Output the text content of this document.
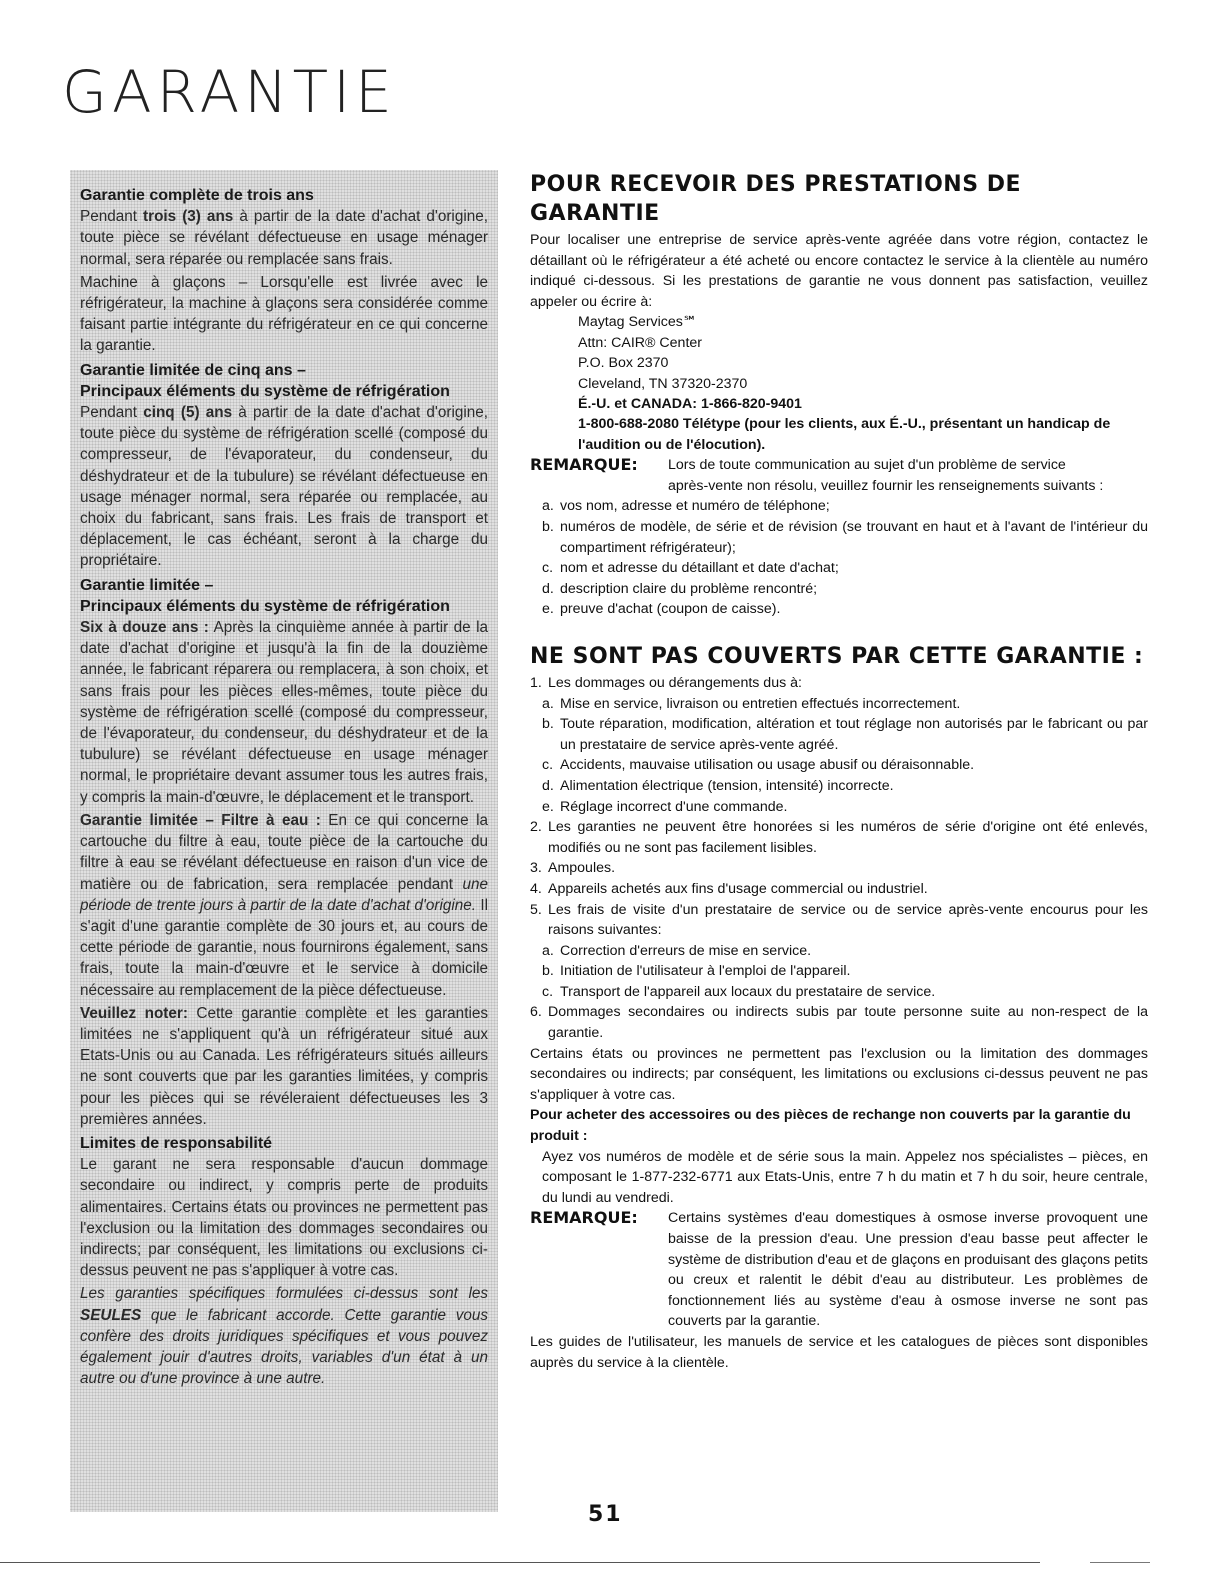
GARANTIE

Garantie complète de trois ans
Pendant trois (3) ans à partir de la date d'achat d'origine, toute pièce se révélant défectueuse en usage ménager normal, sera réparée ou remplacée sans frais.

Machine à glaçons – Lorsqu'elle est livrée avec le réfrigérateur, la machine à glaçons sera considérée comme faisant partie intégrante du réfrigérateur en ce qui concerne la garantie.

Garantie limitée de cinq ans –
Principaux éléments du système de réfrigération
Pendant cinq (5) ans à partir de la date d'achat d'origine, toute pièce du système de réfrigération scellé (composé du compresseur, de l'évaporateur, du condenseur, du déshydrateur et de la tubulure) se révélant défectueuse en usage ménager normal, sera réparée ou remplacée, au choix du fabricant, sans frais. Les frais de transport et déplacement, le cas échéant, seront à la charge du propriétaire.

Garantie limitée –
Principaux éléments du système de réfrigération
Six à douze ans : Après la cinquième année à partir de la date d'achat d'origine et jusqu'à la fin de la douzième année, le fabricant réparera ou remplacera, à son choix, et sans frais pour les pièces elles-mêmes, toute pièce du système de réfrigération scellé (composé du compresseur, de l'évaporateur, du condenseur, du déshydrateur et de la tubulure) se révélant défectueuse en usage ménager normal, le propriétaire devant assumer tous les autres frais, y compris la main-d'œuvre, le déplacement et le transport.

Garantie limitée – Filtre à eau : En ce qui concerne la cartouche du filtre à eau, toute pièce de la cartouche du filtre à eau se révélant défectueuse en raison d'un vice de matière ou de fabrication, sera remplacée pendant une période de trente jours à partir de la date d'achat d'origine. Il s'agit d'une garantie complète de 30 jours et, au cours de cette période de garantie, nous fournirons également, sans frais, toute la main-d'œuvre et le service à domicile nécessaire au remplacement de la pièce défectueuse.

Veuillez noter: Cette garantie complète et les garanties limitées ne s'appliquent qu'à un réfrigérateur situé aux Etats-Unis ou au Canada. Les réfrigérateurs situés ailleurs ne sont couverts que par les garanties limitées, y compris pour les pièces qui se révéleraient défectueuses les 3 premières années.

Limites de responsabilité
Le garant ne sera responsable d'aucun dommage secondaire ou indirect, y compris perte de produits alimentaires. Certains états ou provinces ne permettent pas l'exclusion ou la limitation des dommages secondaires ou indirects; par conséquent, les limitations ou exclusions ci-dessus peuvent ne pas s'appliquer à votre cas.

Les garanties spécifiques formulées ci-dessus sont les SEULES que le fabricant accorde. Cette garantie vous confère des droits juridiques spécifiques et vous pouvez également jouir d'autres droits, variables d'un état à un autre ou d'une province à une autre.

POUR RECEVOIR DES PRESTATIONS DE GARANTIE

Pour localiser une entreprise de service après-vente agréée dans votre région, contactez le détaillant où le réfrigérateur a été acheté ou encore contactez le service à la clientèle au numéro indiqué ci-dessous. Si les prestations de garantie ne vous donnent pas satisfaction, veuillez appeler ou écrire à:

Maytag Services℠
Attn: CAIR® Center
P.O. Box 2370
Cleveland, TN 37320-2370
É.-U. et CANADA: 1-866-820-9401
1-800-688-2080 Télétype (pour les clients, aux É.-U., présentant un handicap de l'audition ou de l'élocution).
REMARQUE:	Lors de toute communication au sujet d'un problème de service

après-vente non résolu, veuillez fournir les renseignements suivants :

a. vos nom, adresse et numéro de téléphone;
b. numéros de modèle, de série et de révision (se trouvant en haut et à l'avant de l'intérieur du compartiment réfrigérateur);
c. nom et adresse du détaillant et date d'achat;
d. description claire du problème rencontré;
e. preuve d'achat (coupon de caisse).
NE SONT PAS COUVERTS PAR CETTE GARANTIE :
1. Les dommages ou dérangements dus à:
a. Mise en service, livraison ou entretien effectués incorrectement.
b. Toute réparation, modification, altération et tout réglage non autorisés par le fabricant ou par un prestataire de service après-vente agréé.
c. Accidents, mauvaise utilisation ou usage abusif ou déraisonnable.
d. Alimentation électrique (tension, intensité) incorrecte.
e. Réglage incorrect d'une commande.
2. Les garanties ne peuvent être honorées si les numéros de série d'origine ont été enlevés, modifiés ou ne sont pas facilement lisibles.
3. Ampoules.
4. Appareils achetés aux fins d'usage commercial ou industriel.
5. Les frais de visite d'un prestataire de service ou de service après-vente encourus pour les raisons suivantes:
a. Correction d'erreurs de mise en service.
b. Initiation de l'utilisateur à l'emploi de l'appareil.
c. Transport de l'appareil aux locaux du prestataire de service.
6. Dommages secondaires ou indirects subis par toute personne suite au non-respect de la garantie.

Certains états ou provinces ne permettent pas l'exclusion ou la limitation des dommages secondaires ou indirects; par conséquent, les limitations ou exclusions ci-dessus peuvent ne pas s'appliquer à votre cas.

Pour acheter des accessoires ou des pièces de rechange non couverts par la garantie du produit :

Ayez vos numéros de modèle et de série sous la main. Appelez nos spécialistes – pièces, en composant le 1-877-232-6771 aux Etats-Unis, entre 7 h du matin et 7 h du soir, heure centrale, du lundi au vendredi.

REMARQUE:	Certains systèmes d'eau domestiques à osmose inverse provoquent une baisse de la pression d'eau. Une pression d'eau basse peut affecter le système de distribution d'eau et de glaçons en produisant des glaçons petits ou creux et ralentit le débit d'eau au distributeur. Les problèmes de fonctionnement liés au système d'eau à osmose inverse ne sont pas couverts par la garantie.

Les guides de l'utilisateur, les manuels de service et les catalogues de pièces sont disponibles auprès du service à la clientèle.

51
